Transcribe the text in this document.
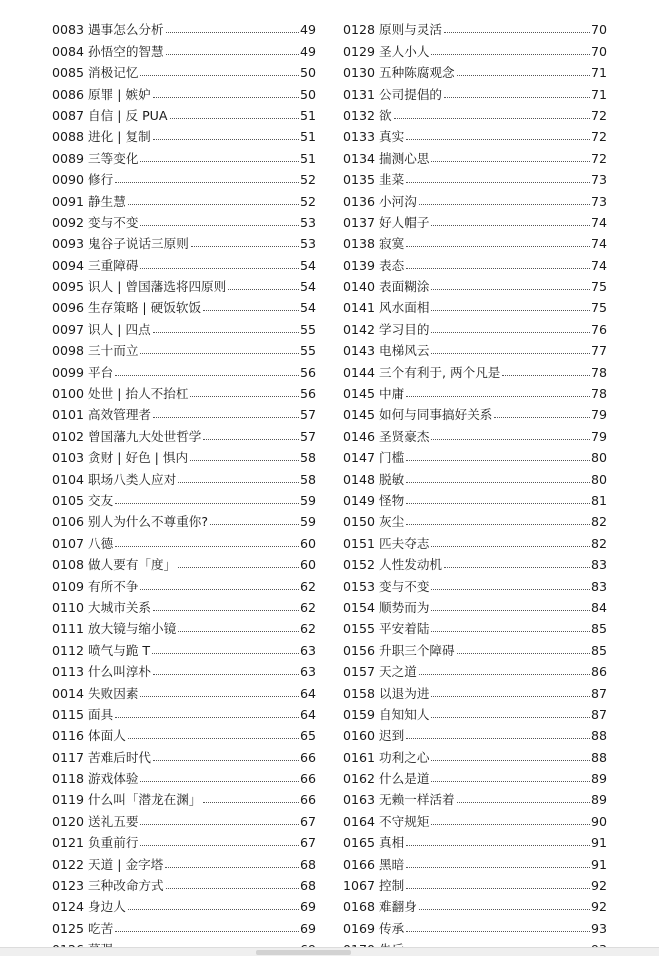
0083 遇事怎么分析	49
0084 孙悟空的智慧	49
0085 消极记忆	50
0086 原罪 | 嫉妒	50
0087 自信 | 反 PUA	51
0088 进化 | 复制	51
0089 三等变化	51
0090 修行	52
0091 静生慧	52
0092 变与不变	53
0093 鬼谷子说话三原则	53
0094 三重障碍	54
0095 识人 | 曾国藩选将四原则	54
0096 生存策略 | 硬饭软饭	54
0097 识人 | 四点	55
0098 三十而立	55
0099 平台	56
0100 处世 | 抬人不抬杠	56
0101 高效管理者	57
0102 曾国藩九大处世哲学	57
0103 贪财 | 好色 | 惧内	58
0104 职场八类人应对	58
0105 交友	59
0106 别人为什么不尊重你?	59
0107 八德	60
0108 做人要有「度」	60
0109 有所不争	62
0110 大城市关系	62
0111 放大镜与缩小镜	62
0112 喷气与跪 T	63
0113 什么叫淳朴	63
0014 失败因素	64
0115 面具	64
0116 体面人	65
0117 苦难后时代	66
0118 游戏体验	66
0119 什么叫「潜龙在渊」	66
0120 送礼五要	67
0121 负重前行	67
0122 天道 | 金字塔	68
0123 三种改命方式	68
0124 身边人	69
0125 吃苦	69
0128 原则与灵活	70
0129 圣人小人	70
0130 五种陈腐观念	71
0131 公司提倡的	71
0132 欲	72
0133 真实	72
0134 揣测心思	72
0135 韭菜	73
0136 小河沟	73
0137 好人帽子	74
0138 寂寞	74
0139 表态	74
0140 表面糊涂	75
0141 风水面相	75
0142 学习目的	76
0143 电梯风云	77
0144 三个有利于, 两个凡是	78
0145 中庸	78
0145 如何与同事搞好关系	79
0146 圣贤豪杰	79
0147 门槛	80
0148 脱敏	80
0149 怪物	81
0150 灰尘	82
0151 匹夫夺志	82
0152 人性发动机	83
0153 变与不变	83
0154 顺势而为	84
0155 平安着陆	85
0156 升职三个障碍	85
0157 天之道	86
0158 以退为进	87
0159 自知知人	87
0160 迟到	88
0161 功利之心	88
0162 什么是道	89
0163 无赖一样活着	89
0164 不守规矩	90
0165 真相	91
0166 黑暗	91
1067 控制	92
0168 难翻身	92
0169 传承	93
